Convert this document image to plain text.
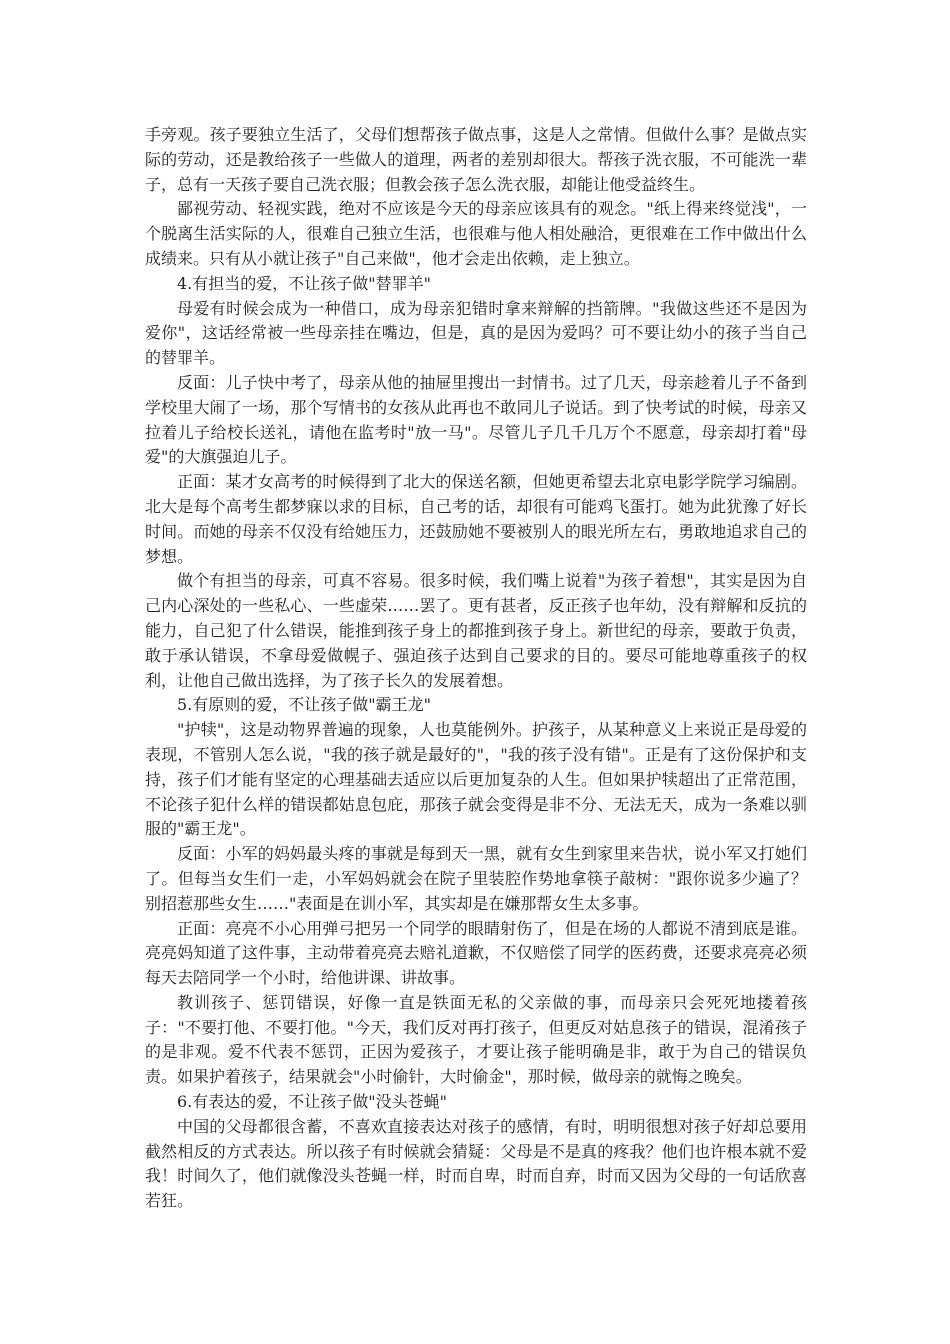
手旁观。孩子要独立生活了，父母们想帮孩子做点事，这是人之常情。但做什么事？是做点实际的劳动，还是教给孩子一些做人的道理，两者的差别却很大。帮孩子洗衣服，不可能洗一辈子，总有一天孩子要自己洗衣服；但教会孩子怎么洗衣服，却能让他受益终生。

鄙视劳动、轻视实践，绝对不应该是今天的母亲应该具有的观念。"纸上得来终觉浅"，一个脱离生活实际的人，很难自己独立生活，也很难与他人相处融洽，更很难在工作中做出什么成绩来。只有从小就让孩子"自己来做"，他才会走出依赖，走上独立。

4.有担当的爱，不让孩子做"替罪羊"

母爱有时候会成为一种借口，成为母亲犯错时拿来辩解的挡箭牌。"我做这些还不是因为爱你"，这话经常被一些母亲挂在嘴边，但是，真的是因为爱吗？可不要让幼小的孩子当自己的替罪羊。

反面：儿子快中考了，母亲从他的抽屉里搜出一封情书。过了几天，母亲趁着儿子不备到学校里大闹了一场，那个写情书的女孩从此再也不敢同儿子说话。到了快考试的时候，母亲又拉着儿子给校长送礼，请他在监考时"放一马"。尽管儿子几千几万个不愿意，母亲却打着"母爱"的大旗强迫儿子。

正面：某才女高考的时候得到了北大的保送名额，但她更希望去北京电影学院学习编剧。北大是每个高考生都梦寐以求的目标，自己考的话，却很有可能鸡飞蛋打。她为此犹豫了好长时间。而她的母亲不仅没有给她压力，还鼓励她不要被别人的眼光所左右，勇敢地追求自己的梦想。

做个有担当的母亲，可真不容易。很多时候，我们嘴上说着"为孩子着想"，其实是因为自己内心深处的一些私心、一些虚荣……罢了。更有甚者，反正孩子也年幼，没有辩解和反抗的能力，自己犯了什么错误，能推到孩子身上的都推到孩子身上。新世纪的母亲，要敢于负责，敢于承认错误，不拿母爱做幌子、强迫孩子达到自己要求的目的。要尽可能地尊重孩子的权利，让他自己做出选择，为了孩子长久的发展着想。

5.有原则的爱，不让孩子做"霸王龙"

"护犊"，这是动物界普遍的现象，人也莫能例外。护孩子，从某种意义上来说正是母爱的表现，不管别人怎么说，"我的孩子就是最好的"，"我的孩子没有错"。正是有了这份保护和支持，孩子们才能有坚定的心理基础去适应以后更加复杂的人生。但如果护犊超出了正常范围，不论孩子犯什么样的错误都姑息包庇，那孩子就会变得是非不分、无法无天，成为一条难以驯服的"霸王龙"。

反面：小军的妈妈最头疼的事就是每到天一黑，就有女生到家里来告状，说小军又打她们了。但每当女生们一走，小军妈妈就会在院子里装腔作势地拿筷子敲树："跟你说多少遍了？别招惹那些女生……"表面是在训小军，其实却是在嫌那帮女生太多事。

正面：亮亮不小心用弹弓把另一个同学的眼睛射伤了，但是在场的人都说不清到底是谁。亮亮妈知道了这件事，主动带着亮亮去赔礼道歉，不仅赔偿了同学的医药费，还要求亮亮必须每天去陪同学一个小时，给他讲课、讲故事。

教训孩子、惩罚错误，好像一直是铁面无私的父亲做的事，而母亲只会死死地搂着孩子："不要打他、不要打他。"今天，我们反对再打孩子，但更反对姑息孩子的错误，混淆孩子的是非观。爱不代表不惩罚，正因为爱孩子，才要让孩子能明确是非，敢于为自己的错误负责。如果护着孩子，结果就会"小时偷针，大时偷金"，那时候，做母亲的就悔之晚矣。

6.有表达的爱，不让孩子做"没头苍蝇"

中国的父母都很含蓄，不喜欢直接表达对孩子的感情，有时，明明很想对孩子好却总要用截然相反的方式表达。所以孩子有时候就会猜疑：父母是不是真的疼我？他们也许根本就不爱我！时间久了，他们就像没头苍蝇一样，时而自卑，时而自弃，时而又因为父母的一句话欣喜若狂。
